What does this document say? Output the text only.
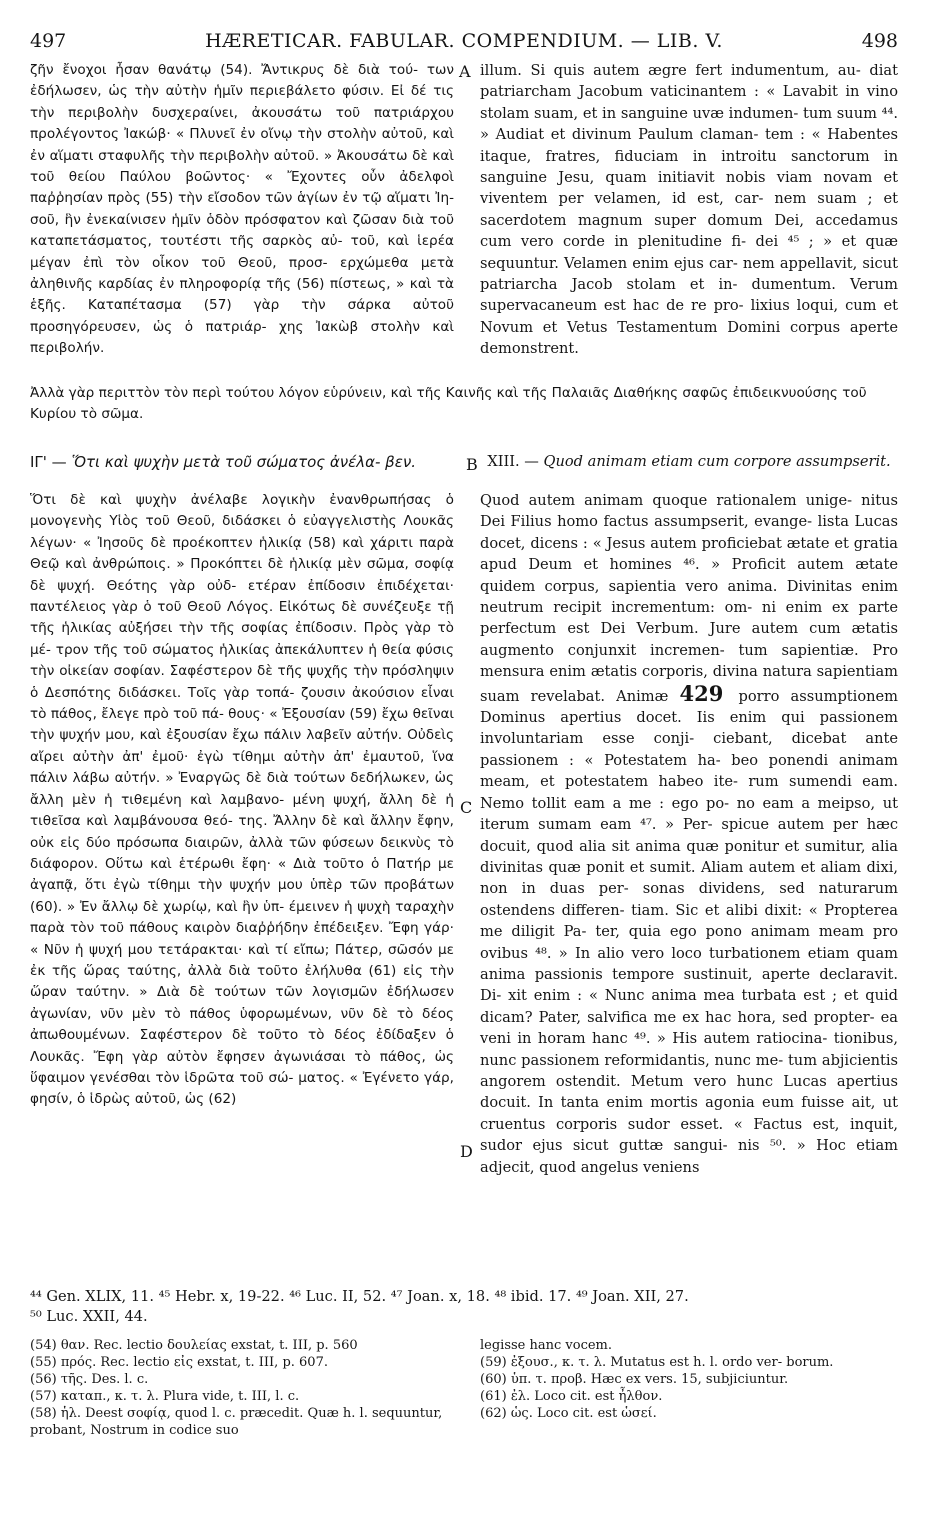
497	HÆRETICAR. FABULAR. COMPENDIUM. — LIB. V.	498
A
B
C
D

ζῆν ἔνοχοι ἦσαν θανάτῳ (54). Ἄντικρυς δὲ διὰ τού- των ἐδήλωσεν, ὡς τὴν αὐτὴν ἡμῖν περιεβάλετο φύσιν. Εἰ δέ τις τὴν περιβολὴν δυσχεραίνει, ἀκουσάτω τοῦ πατριάρχου προλέγοντος Ἰακώβ· « Πλυνεῖ ἐν οἴνῳ τὴν στολὴν αὐτοῦ, καὶ ἐν αἵματι σταφυλῆς τὴν περιβολὴν αὐτοῦ. » Ἀκουσάτω δὲ καὶ τοῦ θείου Παύλου βοῶντος· « Ἔχοντες οὖν ἀδελφοὶ παῤῥησίαν πρὸς (55) τὴν εἴσοδον τῶν ἁγίων ἐν τῷ αἵματι Ἰη- σοῦ, ἣν ἐνεκαίνισεν ἡμῖν ὁδὸν πρόσφατον καὶ ζῶσαν διὰ τοῦ καταπετάσματος, τουτέστι τῆς σαρκὸς αὐ- τοῦ, καὶ ἱερέα μέγαν ἐπὶ τὸν οἶκον τοῦ Θεοῦ, προσ- ερχώμεθα μετὰ ἀληθινῆς καρδίας ἐν πληροφορίᾳ τῆς (56) πίστεως, » καὶ τὰ ἑξῆς. Καταπέτασμα (57) γὰρ τὴν σάρκα αὐτοῦ προσηγόρευσεν, ὡς ὁ πατριάρ- χης Ἰακὼβ στολὴν καὶ περιβολήν.

illum. Si quis autem ægre fert indumentum, au- diat patriarcham Jacobum vaticinantem : « Lavabit in vino stolam suam, et in sanguine uvæ indumen- tum suum ⁴⁴. » Audiat et divinum Paulum claman- tem : « Habentes itaque, fratres, fiduciam in introitu sanctorum in sanguine Jesu, quam initiavit nobis viam novam et viventem per velamen, id est, car- nem suam ; et sacerdotem magnum super domum Dei, accedamus cum vero corde in plenitudine fi- dei ⁴⁵ ; » et quæ sequuntur. Velamen enim ejus car- nem appellavit, sicut patriarcha Jacob stolam et in- dumentum. Verum supervacaneum est hac de re pro- lixius loqui, cum et Novum et Vetus Testamentum Domini corpus aperte demonstrent.

Ἀλλὰ γὰρ περιττὸν τὸν περὶ τούτου λόγον εὑρύνειν, καὶ τῆς Καινῆς καὶ τῆς Παλαιᾶς Διαθήκης σαφῶς ἐπιδεικνυούσης τοῦ Κυρίου τὸ σῶμα.

ΙΓ' — Ὅτι καὶ ψυχὴν μετὰ τοῦ σώματος ἀνέλα- βεν.	XIII. — Quod animam etiam cum corpore assumpserit.

Ὅτι δὲ καὶ ψυχὴν ἀνέλαβε λογικὴν ἐνανθρωπήσας ὁ μονογενὴς Υἱὸς τοῦ Θεοῦ, διδάσκει ὁ εὐαγγελιστὴς Λουκᾶς λέγων· « Ἰησοῦς δὲ προέκοπτεν ἡλικίᾳ (58) καὶ χάριτι παρὰ Θεῷ καὶ ἀνθρώποις. » Προκόπτει δὲ ἡλικίᾳ μὲν σῶμα, σοφίᾳ δὲ ψυχή. Θεότης γὰρ οὐδ- ετέραν ἐπίδοσιν ἐπιδέχεται· παντέλειος γὰρ ὁ τοῦ Θεοῦ Λόγος. Εἰκότως δὲ συνέζευξε τῇ τῆς ἡλικίας αὐξήσει τὴν τῆς σοφίας ἐπίδοσιν. Πρὸς γὰρ τὸ μέ- τρον τῆς τοῦ σώματος ἡλικίας ἀπεκάλυπτεν ἡ θεία φύσις τὴν οἰκείαν σοφίαν. Σαφέστερον δὲ τῆς ψυχῆς τὴν πρόσληψιν ὁ Δεσπότης διδάσκει. Τοῖς γὰρ τοπά- ζουσιν ἀκούσιον εἶναι τὸ πάθος, ἔλεγε πρὸ τοῦ πά- θους· « Ἐξουσίαν (59) ἔχω θεῖναι τὴν ψυχήν μου, καὶ ἐξουσίαν ἔχω πάλιν λαβεῖν αὐτήν. Οὐδεὶς αἴρει αὐτὴν ἀπ' ἐμοῦ· ἐγὼ τίθημι αὐτὴν ἀπ' ἐμαυτοῦ, ἵνα πάλιν λάβω αὐτήν. » Ἐναργῶς δὲ διὰ τούτων δεδήλωκεν, ὡς ἄλλη μὲν ἡ τιθεμένη καὶ λαμβανο- μένη ψυχή, ἄλλη δὲ ἡ τιθεῖσα καὶ λαμβάνουσα θεό- της. Ἄλλην δὲ καὶ ἄλλην ἔφην, οὐκ εἰς δύο πρόσωπα διαιρῶν, ἀλλὰ τῶν φύσεων δεικνὺς τὸ διάφορον. Οὕτω καὶ ἑτέρωθι ἔφη· « Διὰ τοῦτο ὁ Πατήρ με ἀγαπᾷ, ὅτι ἐγὼ τίθημι τὴν ψυχήν μου ὑπὲρ τῶν προβάτων (60). » Ἐν ἄλλῳ δὲ χωρίῳ, καὶ ἣν ὑπ- έμεινεν ἡ ψυχὴ ταραχὴν παρὰ τὸν τοῦ πάθους καιρὸν διαῤῥήδην ἐπέδειξεν. Ἔφη γάρ· « Νῦν ἡ ψυχή μου τετάρακται· καὶ τί εἴπω; Πάτερ, σῶσόν με ἐκ τῆς ὥρας ταύτης, ἀλλὰ διὰ τοῦτο ἐλήλυθα (61) εἰς τὴν ὥραν ταύτην. » Διὰ δὲ τούτων τῶν λογισμῶν ἐδήλωσεν ἀγωνίαν, νῦν μὲν τὸ πάθος ὑφορωμένων, νῦν δὲ τὸ δέος ἀπωθουμένων. Σαφέστερον δὲ τοῦτο τὸ δέος ἐδίδαξεν ὁ Λουκᾶς. Ἔφη γὰρ αὐτὸν ἔφησεν ἀγωνιάσαι τὸ πάθος, ὡς ὕφαιμον γενέσθαι τὸν ἱδρῶτα τοῦ σώ- ματος. « Ἐγένετο γάρ, φησίν, ὁ ἱδρὼς αὐτοῦ, ὡς (62)

Quod autem animam quoque rationalem unige- nitus Dei Filius homo factus assumpserit, evange- lista Lucas docet, dicens : « Jesus autem proficiebat ætate et gratia apud Deum et homines ⁴⁶. » Proficit autem ætate quidem corpus, sapientia vero anima. Divinitas enim neutrum recipit incrementum: om- ni enim ex parte perfectum est Dei Verbum. Jure autem cum ætatis augmento conjunxit incremen- tum sapientiæ. Pro mensura enim ætatis corporis, divina natura sapientiam suam revelabat. Animæ 429 porro assumptionem Dominus apertius docet. Iis enim qui passionem involuntariam esse conji- ciebant, dicebat ante passionem : « Potestatem ha- beo ponendi animam meam, et potestatem habeo ite- rum sumendi eam. Nemo tollit eam a me : ego po- no eam a meipso, ut iterum sumam eam ⁴⁷. » Per- spicue autem per hæc docuit, quod alia sit anima quæ ponitur et sumitur, alia divinitas quæ ponit et sumit. Aliam autem et aliam dixi, non in duas per- sonas dividens, sed naturarum ostendens differen- tiam. Sic et alibi dixit: « Propterea me diligit Pa- ter, quia ego pono animam meam pro ovibus ⁴⁸. » In alio vero loco turbationem etiam quam anima passionis tempore sustinuit, aperte declaravit. Di- xit enim : « Nunc anima mea turbata est ; et quid dicam? Pater, salvifica me ex hac hora, sed propter- ea veni in horam hanc ⁴⁹. » His autem ratiocina- tionibus, nunc passionem reformidantis, nunc me- tum abjicientis angorem ostendit. Metum vero hunc Lucas apertius docuit. In tanta enim mortis agonia eum fuisse ait, ut cruentus corporis sudor esset. « Factus est, inquit, sudor ejus sicut guttæ sangui- nis ⁵⁰. » Hoc etiam adjecit, quod angelus veniens
⁴⁴ Gen. XLIX, 11. ⁴⁵ Hebr. x, 19-22. ⁴⁶ Luc. II, 52. ⁴⁷ Joan. x, 18. ⁴⁸ ibid. 17. ⁴⁹ Joan. XII, 27.
⁵⁰ Luc. XXII, 44.
(54) θαν. Rec. lectio δουλείας exstat, t. III, p. 560
(55) πρός. Rec. lectio εἰς exstat, t. III, p. 607.
(56) τῆς. Des. l. c.
(57) καταπ., κ. τ. λ. Plura vide, t. III, l. c.
(58) ἡλ. Deest σοφίᾳ, quod l. c. præcedit. Quæ h. l. sequuntur, probant, Nostrum in codice suo
legisse hanc vocem.
(59) ἐξουσ., κ. τ. λ. Mutatus est h. l. ordo ver- borum.
(60) ὑπ. τ. προβ. Hæc ex vers. 15, subjiciuntur.
(61) ἐλ. Loco cit. est ἦλθον.
(62) ὡς. Loco cit. est ὡσεί.
